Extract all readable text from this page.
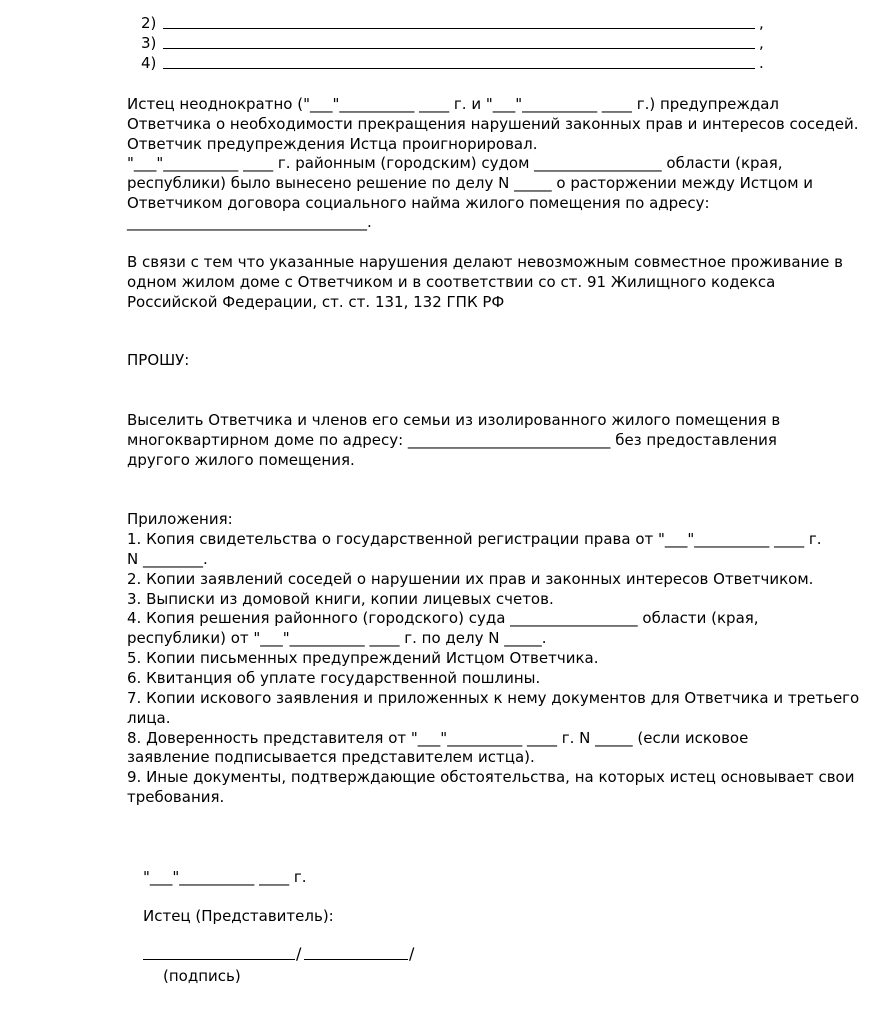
2)	,
3)	,
4)	.
Истец неоднократно ("___"__________ ____ г. и "___"__________ ____ г.) предупреждал
Ответчика о необходимости прекращения нарушений законных прав и интересов соседей.
Ответчик предупреждения Истца проигнорировал.
"___"__________ ____ г. районным (городским) судом _________________ области (края,
республики) было вынесено решение по делу N _____ о расторжении между Истцом и
Ответчиком договора социального найма жилого помещения по адресу:
________________________________.
В связи с тем что указанные нарушения делают невозможным совместное проживание в
одном жилом доме с Ответчиком и в соответствии со ст. 91 Жилищного кодекса
Российской Федерации, ст. ст. 131, 132 ГПК РФ
ПРОШУ:
Выселить Ответчика и членов его семьи из изолированного жилого помещения в
многоквартирном доме по адресу: ___________________________ без предоставления
другого жилого помещения.
Приложения:
1. Копия свидетельства о государственной регистрации права от "___"__________ ____ г.
N ________.
2. Копии заявлений соседей о нарушении их прав и законных интересов Ответчиком.
3. Выписки из домовой книги, копии лицевых счетов.
4. Копия решения районного (городского) суда _________________ области (края,
республики) от "___"__________ ____ г. по делу N _____.
5. Копии письменных предупреждений Истцом Ответчика.
6. Квитанция об уплате государственной пошлины.
7. Копии искового заявления и приложенных к нему документов для Ответчика и третьего
лица.
8. Доверенность представителя от "___"__________ ____ г. N _____ (если исковое
заявление подписывается представителем истца).
9. Иные документы, подтверждающие обстоятельства, на которых истец основывает свои
требования.
"___"__________ ____ г.
Истец (Представитель):
/	/
(подпись)
